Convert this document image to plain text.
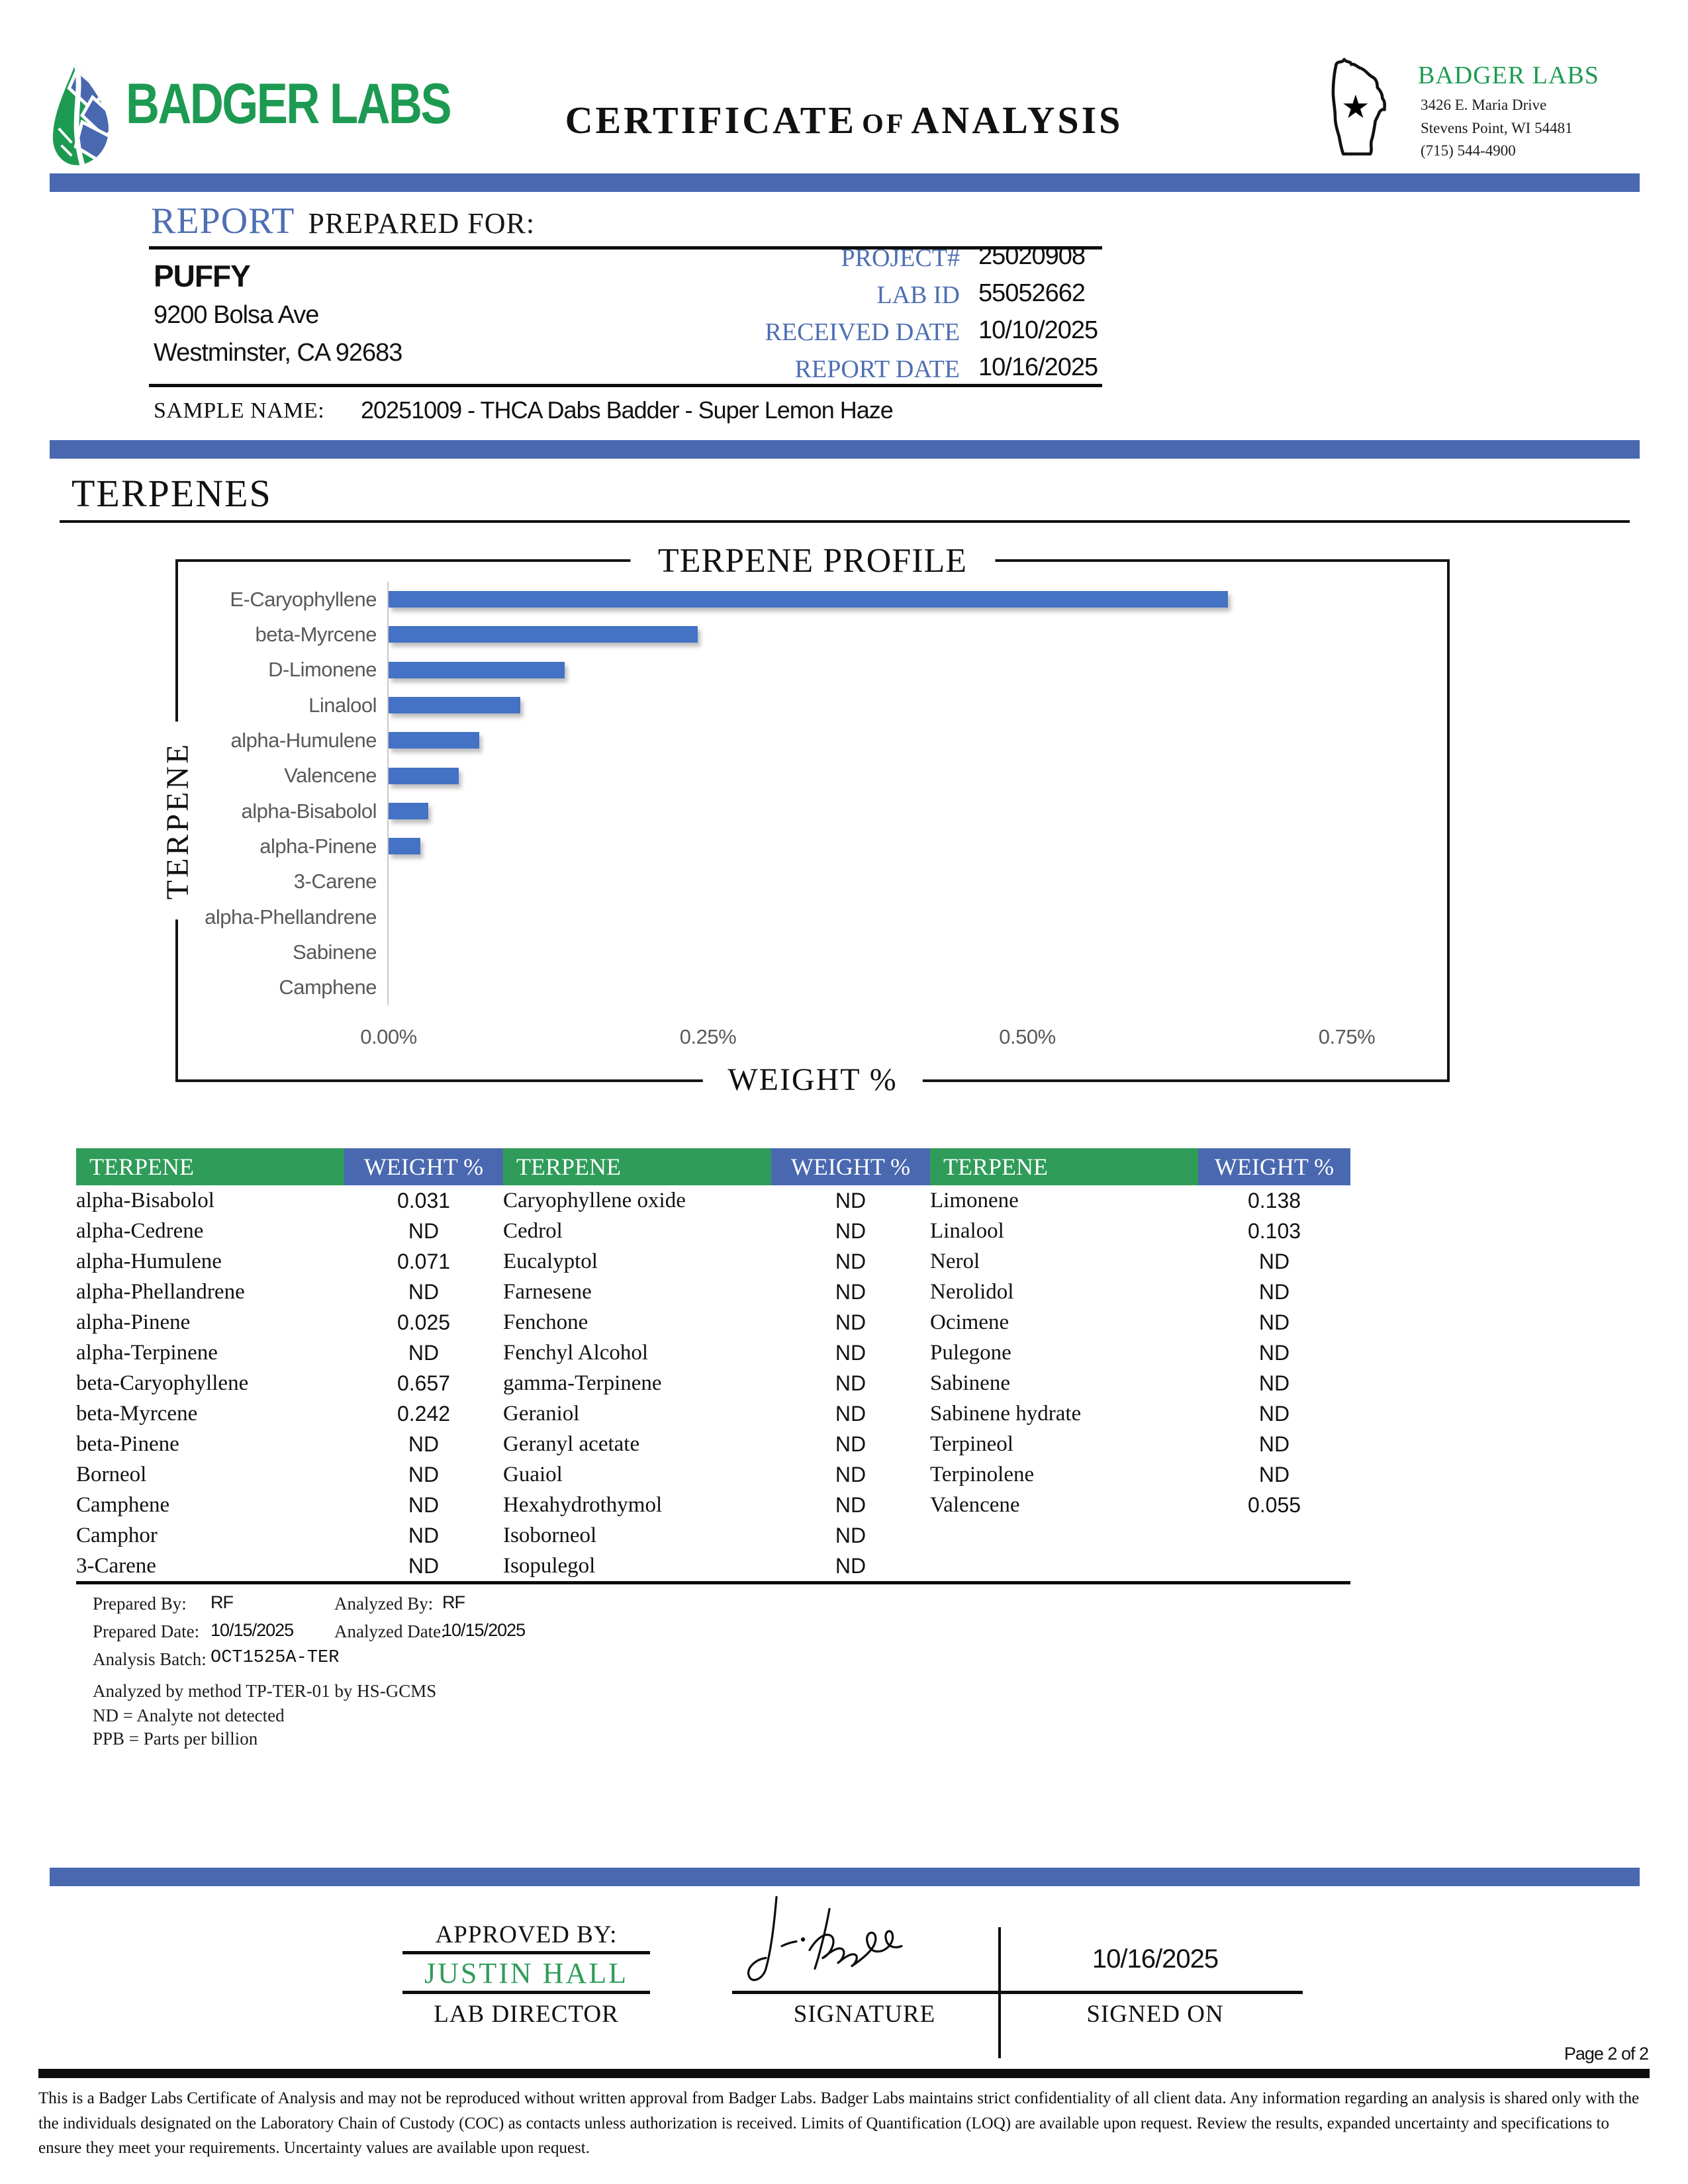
BADGER LABS	CERTIFICATE OF ANALYSIS	★
BADGER LABS
3426 E. Maria Drive
Stevens Point, WI 54481
(715) 544-4900
REPORT PREPARED FOR:
PUFFY
9200 Bolsa Ave
Westminster, CA 92683
PROJECT# 25020908
LAB ID 55052662
RECEIVED DATE 10/10/2025
REPORT DATE 10/16/2025
SAMPLE NAME: 20251009 - THCA Dabs Badder - Super Lemon Haze
TERPENES
TERPENE PROFILE
TERPENE
WEIGHT %
E-Caryophyllene
beta-Myrcene
D-Limonene
Linalool
alpha-Humulene
Valencene
alpha-Bisabolol
alpha-Pinene
3-Carene
alpha-Phellandrene
Sabinene
Camphene
0.00%	0.25%	0.50%	0.75%
TERPENE	WEIGHT %	TERPENE	WEIGHT %	TERPENE	WEIGHT %
alpha-Bisabolol	0.031	Caryophyllene oxide	ND	Limonene	0.138
alpha-Cedrene	ND	Cedrol	ND	Linalool	0.103
alpha-Humulene	0.071	Eucalyptol	ND	Nerol	ND
alpha-Phellandrene	ND	Farnesene	ND	Nerolidol	ND
alpha-Pinene	0.025	Fenchone	ND	Ocimene	ND
alpha-Terpinene	ND	Fenchyl Alcohol	ND	Pulegone	ND
beta-Caryophyllene	0.657	gamma-Terpinene	ND	Sabinene	ND
beta-Myrcene	0.242	Geraniol	ND	Sabinene hydrate	ND
beta-Pinene	ND	Geranyl acetate	ND	Terpineol	ND
Borneol	ND	Guaiol	ND	Terpinolene	ND
Camphene	ND	Hexahydrothymol	ND	Valencene	0.055
Camphor	ND	Isoborneol	ND		
3-Carene	ND	Isopulegol	ND		
Prepared By: RF	Analyzed By: RF
Prepared Date: 10/15/2025 Analyzed Date:
10/15/2025
Analysis Batch: OCT1525A-TER
Analyzed by method TP-TER-01 by HS-GCMS
ND = Analyte not detected
PPB = Parts per billion
APPROVED BY:
JUSTIN HALL
LAB DIRECTOR
10/16/2025
SIGNATURE	SIGNED ON
Page 2 of 2
This is a Badger Labs Certificate of Analysis and may not be reproduced without written approval from Badger Labs. Badger Labs maintains strict confidentiality of all client data. Any information regarding an analysis is shared only with the the individuals designated on the Laboratory Chain of Custody (COC) as contacts unless authorization is received. Limits of Quantification (LOQ) are available upon request. Review the results, expanded uncertainty and specifications to ensure they meet your requirements. Uncertainty values are available upon request.
